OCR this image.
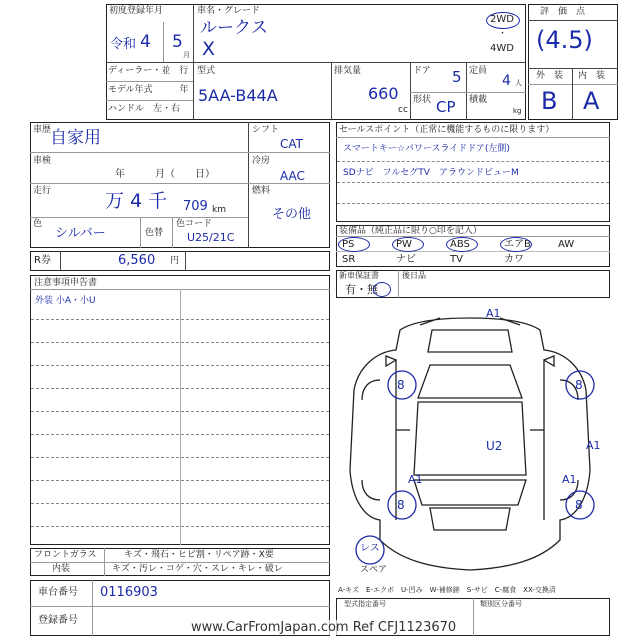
初度登録年月
令和 4 5
月
車名・グレード
ルークス
X
2WD
・
4WD
ディーラー・並　行
モデル年式　　　年
ハンドル　左・右
型式
5AA-B44A
排気量
660
cc
ドア 5 定員
4 人
形状 CP 積載
kg
評　価　点
(4.5)
外　装 内　装
B A
車歴
自家用
車検
年　　　月（　　日）
走行	万 4 千 709 km
色
シルバー	色替
色コード
U25/21C
シフト
CAT
冷房
AAC
燃料
その他
R券	6,560 円
注意事項申告書
外装 小A・小U
セールスポイント（正常に機能するものに限ります）
スマートキー☆パワースライドドア(左側)
SDナビ　フルセグTV　アラウンドビューM
装備品（純正品に限り○印を記入）
PS	PW	ABS	エアB	AW
SR	ナビ	TV	カワ
新車保証書
有・無
後日品
A1
U2	A1
A1	A1
8	8
8	8
レス
スペア
フロントガラス	キズ・飛石・ヒビ割・リペア跡・X要
内装	キズ・汚レ・コゲ・穴・スレ・キレ・破レ
車台番号 0116903
登録番号
A-キズ　E-エクボ　U-凹み　W-補修跡　S-サビ　C-腐食　XX-交換済
型式指定番号	類別区分番号
www.CarFromJapan.com Ref CFJ1123670
